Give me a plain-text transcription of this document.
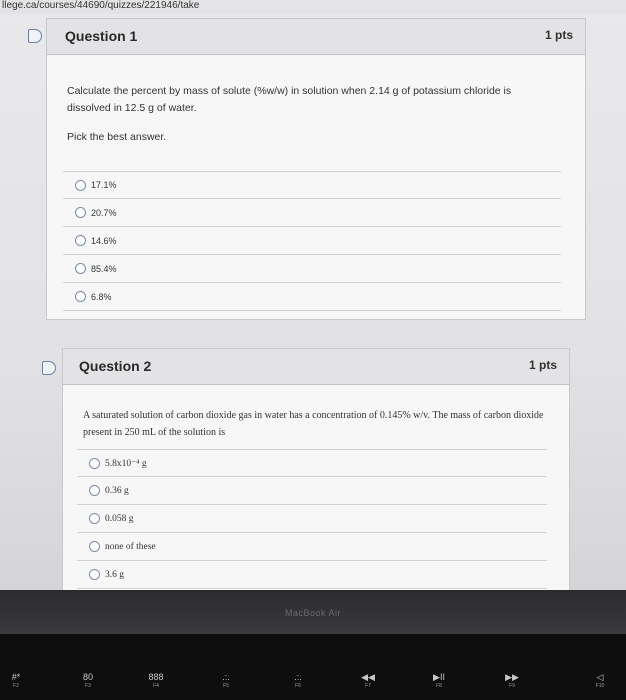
llege.ca/courses/44690/quizzes/221946/take
Question 1	1 pts
Calculate the percent by mass of solute (%w/w) in solution when 2.14 g of potassium chloride is dissolved in 12.5 g of water.
Pick the best answer.
17.1%
20.7%
14.6%
85.4%
6.8%
Question 2	1 pts
A saturated solution of carbon dioxide gas in water has a concentration of 0.145% w/v. The mass of carbon dioxide present in 250 mL of the solution is
5.8x10⁻⁴ g
0.36 g
0.058 g
none of these
3.6 g
MacBook Air
#*
F2
80
F3
888
F4
.:.
F5
.:.
F6
◀◀
F7
▶II
F8
▶▶
F9
◁
F10
